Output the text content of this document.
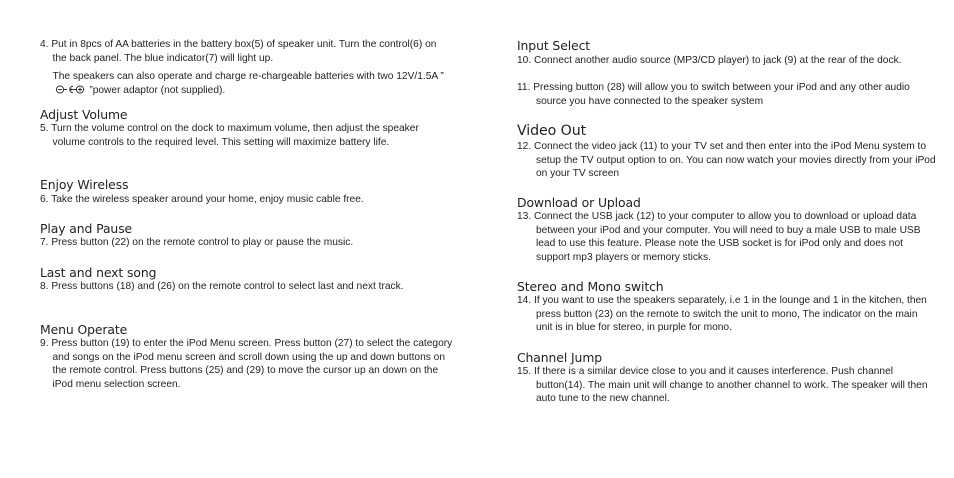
4. Put in 8pcs of AA batteries in the battery box(5) of speaker unit. Turn the control(6) on the back panel. The blue indicator(7) will light up.
The speakers can also operate and charge re-chargeable batteries with two 12V/1.5A ” ”power adaptor (not supplied).
Adjust Volume
5. Turn the volume control on the dock to maximum volume, then adjust the speaker volume controls to the required level. This setting will maximize battery life.
Enjoy Wireless
6. Take the wireless speaker around your home, enjoy music cable free.
Play and Pause
7. Press button (22) on the remote control to play or pause the music.
Last and next song
8. Press buttons (18) and (26) on the remote control to select last and next track.
Menu Operate
9. Press button (19) to enter the iPod Menu screen. Press button (27) to select the category and songs on the iPod menu screen and scroll down using the up and down buttons on the remote control. Press buttons (25) and (29) to move the cursor up an down on the iPod menu selection screen.
Input Select
10. Connect another audio source (MP3/CD player) to jack (9) at the rear of the dock.
11. Pressing button (28) will allow you to switch between your iPod and any other audio source you have connected to the speaker system
Video Out
12. Connect the video jack (11) to your TV set and then enter into the iPod Menu system to setup the TV output option to on. You can now watch your movies directly from your iPod on your TV screen
Download or Upload
13. Connect the USB jack (12) to your computer to allow you to download or upload data between your iPod and your computer. You will need to buy a male USB to male USB lead to use this feature. Please note the USB socket is for iPod only and does not support mp3 players or memory sticks.
Stereo and Mono switch
14. If you want to use the speakers separately, i.e 1 in the lounge and 1 in the kitchen, then press button (23) on the remote to switch the unit to mono, The indicator on the main unit is in blue for stereo, in purple for mono.
Channel Jump
15. If there is a similar device close to you and it causes interference. Push channel button(14). The main unit will change to another channel to work. The speaker will then auto tune to the new channel.
